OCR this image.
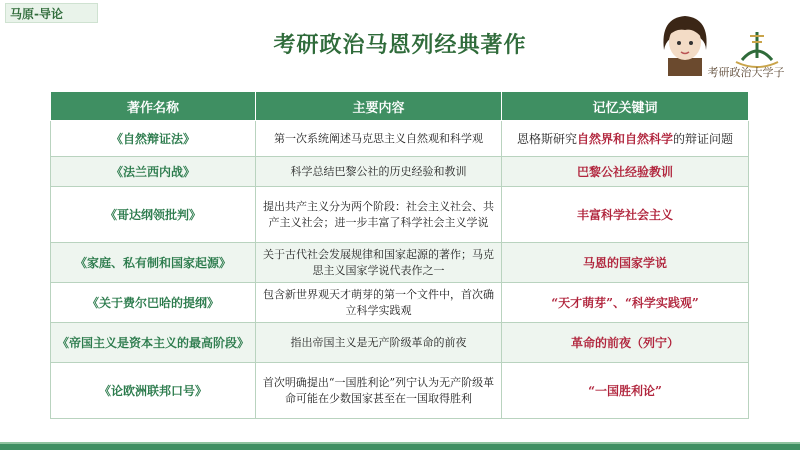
马原-导论
考研政治马恩列经典著作
考研政治大学子
著作名称	主要内容	记忆关键词
《自然辩证法》	第一次系统阐述马克思主义自然观和科学观	恩格斯研究自然界和自然科学的辩证问题
《法兰西内战》	科学总结巴黎公社的历史经验和教训	巴黎公社经验教训
《哥达纲领批判》	提出共产主义分为两个阶段：社会主义社会、共产主义社会；进一步丰富了科学社会主义学说	丰富科学社会主义
《家庭、私有制和国家起源》	关于古代社会发展规律和国家起源的著作；马克思主义国家学说代表作之一	马恩的国家学说
《关于费尔巴哈的提纲》	包含新世界观天才萌芽的第一个文件中，首次确立科学实践观	“天才萌芽”、“科学实践观”
《帝国主义是资本主义的最高阶段》	指出帝国主义是无产阶级革命的前夜	革命的前夜（列宁）
《论欧洲联邦口号》	首次明确提出“一国胜利论”列宁认为无产阶级革命可能在少数国家甚至在一国取得胜利	“一国胜利论”
